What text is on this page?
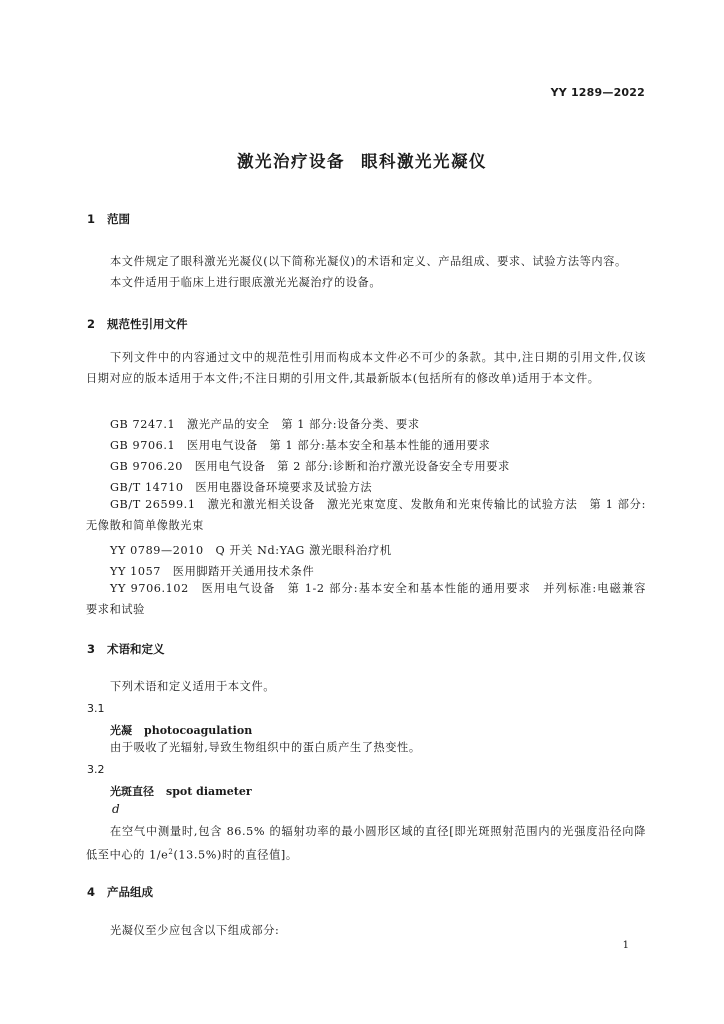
YY 1289—2022
激光治疗设备 眼科激光光凝仪
1 范围
本文件规定了眼科激光光凝仪(以下简称光凝仪)的术语和定义、产品组成、要求、试验方法等内容。
本文件适用于临床上进行眼底激光光凝治疗的设备。
2 规范性引用文件
下列文件中的内容通过文中的规范性引用而构成本文件必不可少的条款。其中,注日期的引用文件,仅该日期对应的版本适用于本文件;不注日期的引用文件,其最新版本(包括所有的修改单)适用于本文件。
GB 7247.1　激光产品的安全　第 1 部分:设备分类、要求
GB 9706.1　医用电气设备　第 1 部分:基本安全和基本性能的通用要求
GB 9706.20　医用电气设备　第 2 部分:诊断和治疗激光设备安全专用要求
GB/T 14710　医用电器设备环境要求及试验方法
GB/T 26599.1　激光和激光相关设备　激光光束宽度、发散角和光束传输比的试验方法　第 1 部分:无像散和简单像散光束
YY 0789—2010　Q 开关 Nd:YAG 激光眼科治疗机
YY 1057　医用脚踏开关通用技术条件
YY 9706.102　医用电气设备　第 1-2 部分:基本安全和基本性能的通用要求　并列标准:电磁兼容　要求和试验
3 术语和定义
下列术语和定义适用于本文件。
3.1
光凝 photocoagulation
由于吸收了光辐射,导致生物组织中的蛋白质产生了热变性。
3.2
光斑直径 spot diameter
d
在空气中测量时,包含 86.5% 的辐射功率的最小圆形区域的直径[即光斑照射范围内的光强度沿径向降低至中心的 $1/e^2(13.5\%)$时的直径值]。
4 产品组成
光凝仪至少应包含以下组成部分:
1
